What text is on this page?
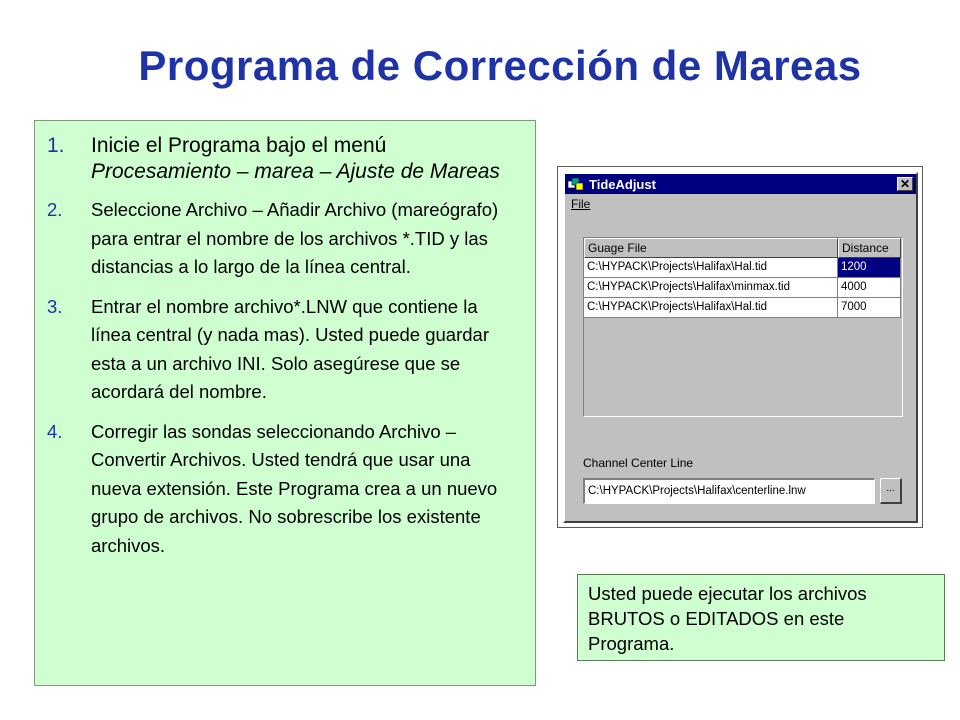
Programa de Corrección de Mareas
1.	Inicie el Programa bajo el menú Procesamiento – marea – Ajuste de Mareas
2.	Seleccione Archivo – Añadir Archivo (mareógrafo) para entrar el nombre de los archivos *.TID y las distancias a lo largo de la línea central.
3.	Entrar el nombre archivo*.LNW que contiene la línea central (y nada mas). Usted puede guardar esta a un archivo INI. Solo asegúrese que se acordará del nombre.
4.	Corregir las sondas seleccionando Archivo – Convertir Archivos. Usted tendrá que usar una nueva extensión. Este Programa crea a un nuevo grupo de archivos. No sobrescribe los existente archivos.
TideAdjust	✕
File
Guage File	Distance
C:\HYPACK\Projects\Halifax\Hal.tid	1200
C:\HYPACK\Projects\Halifax\minmax.tid	4000
C:\HYPACK\Projects\Halifax\Hal.tid	7000
Channel Center Line
C:\HYPACK\Projects\Halifax\centerline.lnw	...
Usted puede ejecutar los archivos BRUTOS o EDITADOS en este Programa.
